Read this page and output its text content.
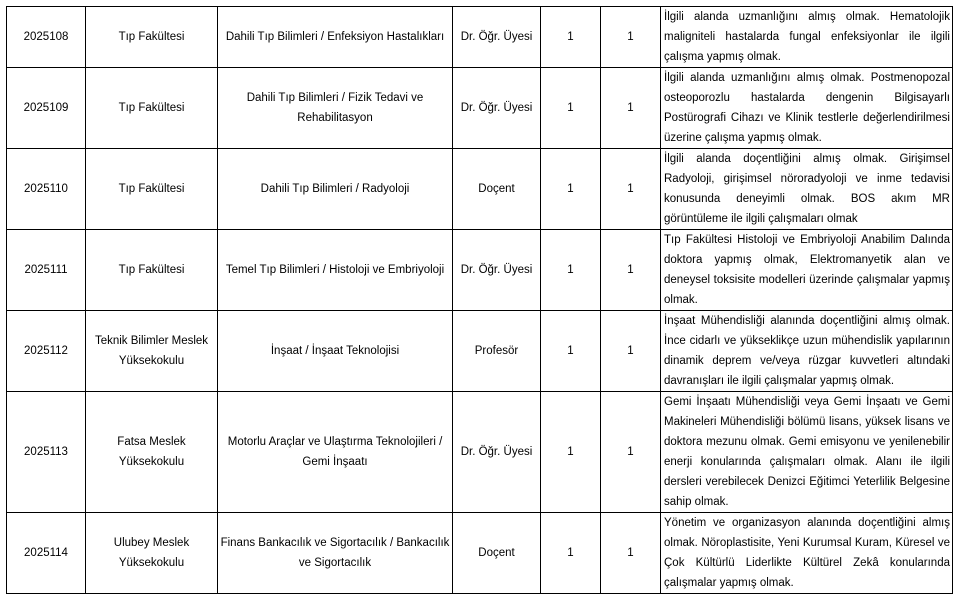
2025108	Tıp Fakültesi	Dahili Tıp Bilimleri / Enfeksiyon Hastalıkları	Dr. Öğr. Üyesi	1	1	İlgili alanda uzmanlığını almış olmak. Hematolojik maligniteli hastalarda fungal enfeksiyonlar ile ilgili çalışma yapmış olmak.
2025109	Tıp Fakültesi	Dahili Tıp Bilimleri / Fizik Tedavi ve Rehabilitasyon	Dr. Öğr. Üyesi	1	1	İlgili alanda uzmanlığını almış olmak. Postmenopozal osteoporozlu hastalarda dengenin Bilgisayarlı Postürografi Cihazı ve Klinik testlerle değerlendirilmesi üzerine çalışma yapmış olmak.
2025110	Tıp Fakültesi	Dahili Tıp Bilimleri / Radyoloji	Doçent	1	1	İlgili alanda doçentliğini almış olmak. Girişimsel Radyoloji, girişimsel nöroradyoloji ve inme tedavisi konusunda deneyimli olmak. BOS akım MR görüntüleme ile ilgili çalışmaları olmak
2025111	Tıp Fakültesi	Temel Tıp Bilimleri / Histoloji ve Embriyoloji	Dr. Öğr. Üyesi	1	1	Tıp Fakültesi Histoloji ve Embriyoloji Anabilim Dalında doktora yapmış olmak, Elektromanyetik alan ve deneysel toksisite modelleri üzerinde çalışmalar yapmış olmak.
2025112	Teknik Bilimler Meslek Yüksekokulu	İnşaat / İnşaat Teknolojisi	Profesör	1	1	İnşaat Mühendisliği alanında doçentliğini almış olmak. İnce cidarlı ve yükseklikçe uzun mühendislik yapılarının dinamik deprem ve/veya rüzgar kuvvetleri altındaki davranışları ile ilgili çalışmalar yapmış olmak.
2025113	Fatsa Meslek Yüksekokulu	Motorlu Araçlar ve Ulaştırma Teknolojileri / Gemi İnşaatı	Dr. Öğr. Üyesi	1	1	Gemi İnşaatı Mühendisliği veya Gemi İnşaatı ve Gemi Makineleri Mühendisliği bölümü lisans, yüksek lisans ve doktora mezunu olmak. Gemi emisyonu ve yenilenebilir enerji konularında çalışmaları olmak. Alanı ile ilgili dersleri verebilecek Denizci Eğitimci Yeterlilik Belgesine sahip olmak.
2025114	Ulubey Meslek Yüksekokulu	Finans Bankacılık ve Sigortacılık / Bankacılık ve Sigortacılık	Doçent	1	1	Yönetim ve organizasyon alanında doçentliğini almış olmak. Nöroplastisite, Yeni Kurumsal Kuram, Küresel ve Çok Kültürlü Liderlikte Kültürel Zekâ konularında çalışmalar yapmış olmak.
